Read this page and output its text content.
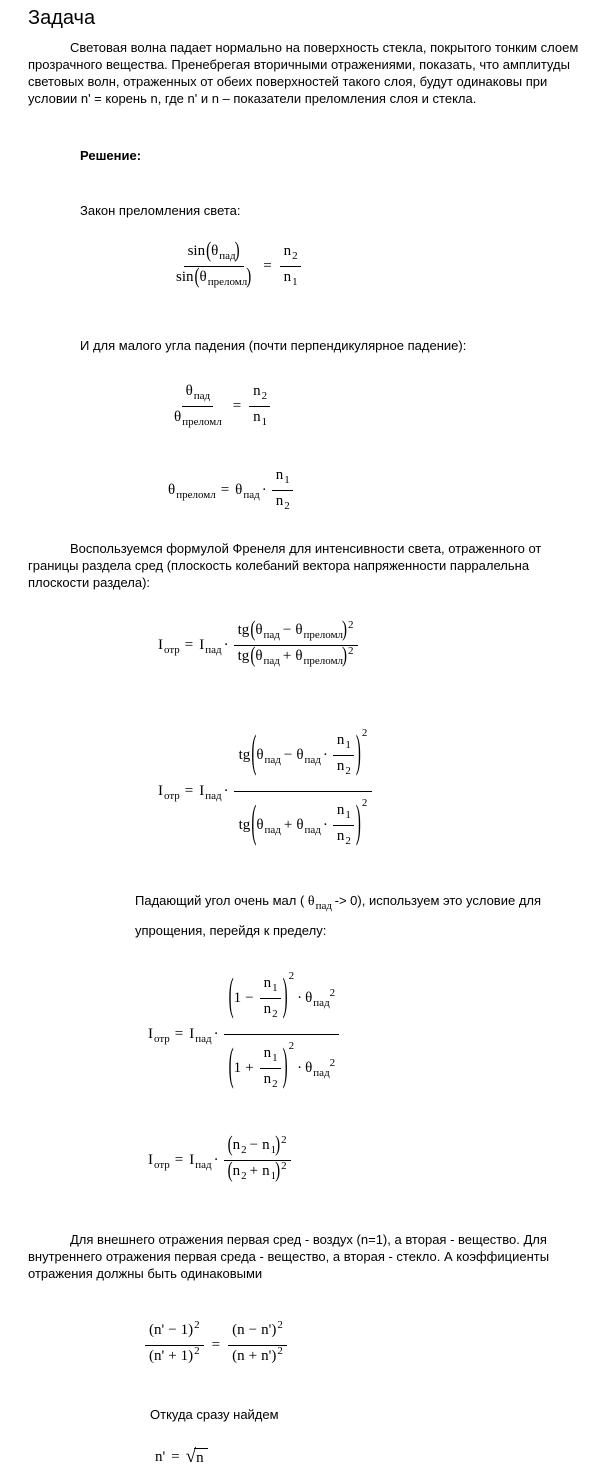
Задача
Световая волна падает нормально на поверхность стекла, покрытого тонким слоем прозрачного вещества. Пренебрегая вторичными отражениями, показать, что амплитуды световых волн, отраженных от обеих поверхностей такого слоя, будут одинаковы при условии n' = корень n, где n' и n – показатели преломления слоя и стекла.
Решение:
Закон преломления света:
$\frac{\sin ( \theta_{пад} )}{\sin ( \theta_{преломл} )} = \frac{n_2}{n_1}$
И для малого угла падения (почти перпендикулярное падение):
$\frac{\theta_{пад}}{\theta_{преломл}} = \frac{n_2}{n_1}$
$\theta_{преломл} = \theta_{пад} \cdot \frac{n_1}{n_2}$
Воспользуемся формулой Френеля для интенсивности света, отраженного от границы раздела сред (плоскость колебаний вектора напряженности парралельна плоскости раздела):
$I_{отр} = I_{пад} \cdot \frac{tg ( \theta_{пад} - \theta_{преломл} )^2}{tg ( \theta_{пад} + \theta_{преломл} )^2}$
$I_{отр} = I_{пад} \cdot \frac{tg ( \theta_{пад} - \theta_{пад} \cdot \frac{n_1}{n_2} )^2}{tg ( \theta_{пад} + \theta_{пад} \cdot \frac{n_1}{n_2} )^2}$
Падающий угол очень мал ( $\theta_{пад} -> 0$), используем это условие для упрощения, перейдя к пределу:
$I_{отр} = I_{пад}$ · ( $1 - \frac{n_1}{n_2} )^2$
· $\theta_{пад}^2$
( $1 + \frac{n_1}{n_2} )^2$
· $\theta_{пад}^2$
$I_{отр} = I_{пад} \cdot \frac{( n_2 - n_1 )^2}{( n_2 + n_1 )^2}$
Для внешнего отражения первая сред - воздух (n=1), а вторая - вещество. Для внутреннего отражения первая среда - вещество, а вторая - стекло. А коэффициенты отражения должны быть одинаковыми
$\frac{( n' - 1 )^2}{( n' + 1 )^2} = \frac{( n - n' )^2}{( n + n' )^2}$
Откуда сразу найдем
n' = √ n
